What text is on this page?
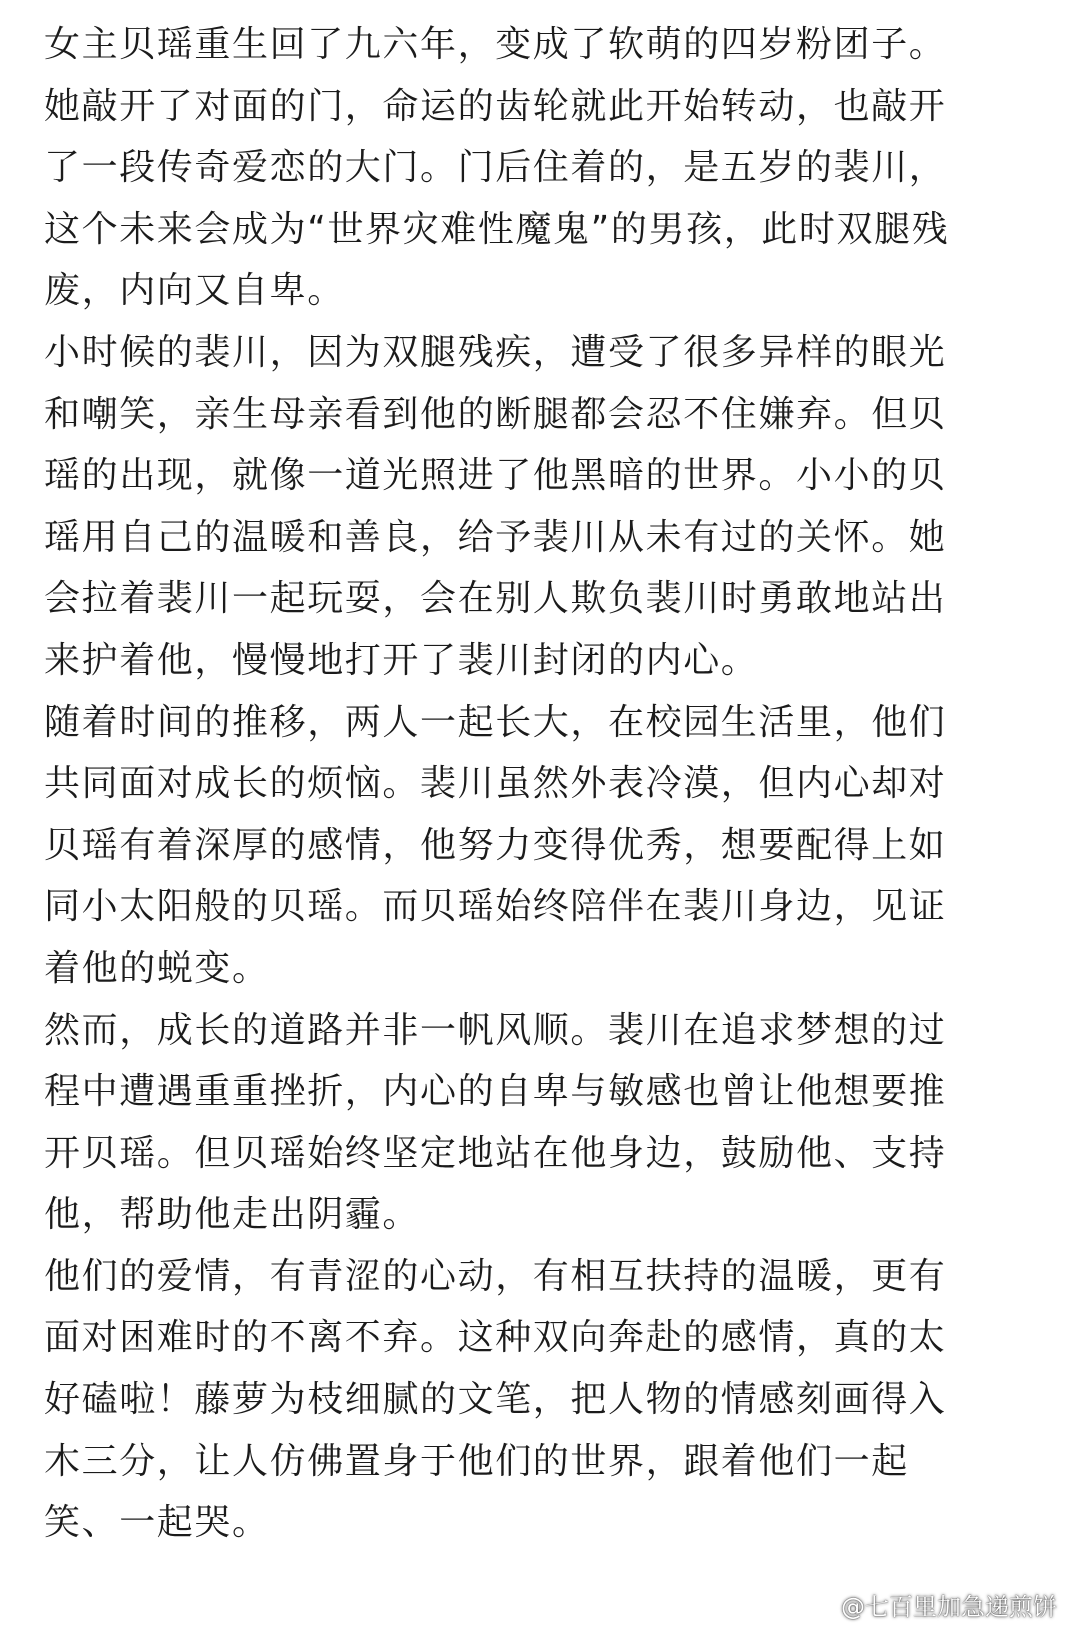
女主贝瑶重生回了九六年，变成了软萌的四岁粉团子。她敲开了对面的门，命运的齿轮就此开始转动，也敲开了一段传奇爱恋的大门。门后住着的，是五岁的裴川，这个未来会成为“世界灾难性魔鬼”的男孩，此时双腿残废，内向又自卑。

小时候的裴川，因为双腿残疾，遭受了很多异样的眼光和嘲笑，亲生母亲看到他的断腿都会忍不住嫌弃。但贝瑶的出现，就像一道光照进了他黑暗的世界。小小的贝瑶用自己的温暖和善良，给予裴川从未有过的关怀。她会拉着裴川一起玩耍，会在别人欺负裴川时勇敢地站出来护着他，慢慢地打开了裴川封闭的内心。

随着时间的推移，两人一起长大，在校园生活里，他们共同面对成长的烦恼。裴川虽然外表冷漠，但内心却对贝瑶有着深厚的感情，他努力变得优秀，想要配得上如同小太阳般的贝瑶。而贝瑶始终陪伴在裴川身边，见证着他的蜕变。

然而，成长的道路并非一帆风顺。裴川在追求梦想的过程中遭遇重重挫折，内心的自卑与敏感也曾让他想要推开贝瑶。但贝瑶始终坚定地站在他身边，鼓励他、支持他，帮助他走出阴霾。

他们的爱情，有青涩的心动，有相互扶持的温暖，更有面对困难时的不离不弃。这种双向奔赴的感情，真的太好磕啦！藤萝为枝细腻的文笔，把人物的情感刻画得入木三分，让人仿佛置身于他们的世界，跟着他们一起笑、一起哭。

@七百里加急递煎饼
